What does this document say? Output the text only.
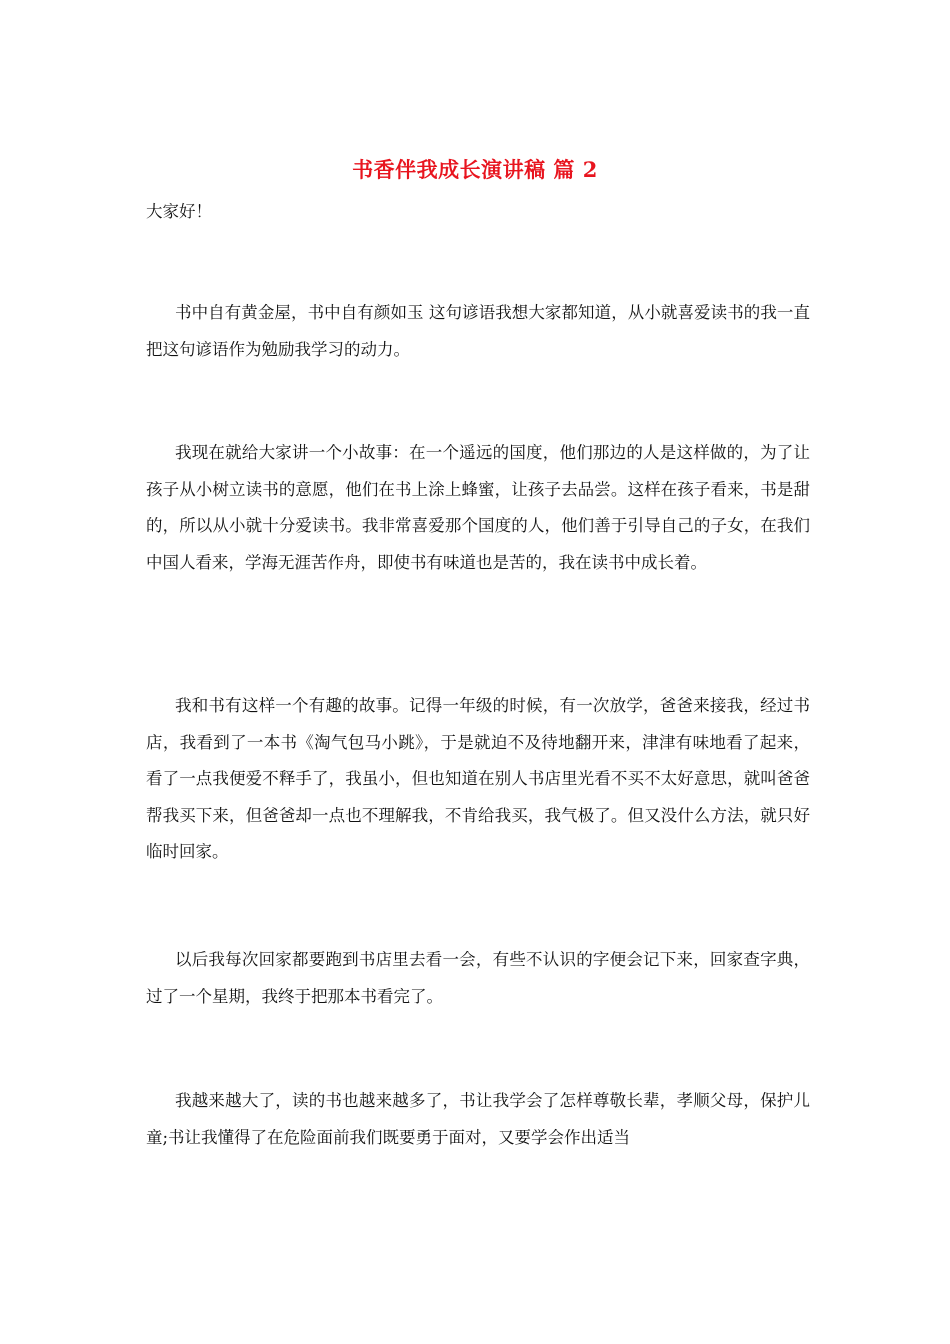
书香伴我成长演讲稿 篇 2
大家好！

书中自有黄金屋，书中自有颜如玉 这句谚语我想大家都知道，从小就喜爱读书的我一直把这句谚语作为勉励我学习的动力。

我现在就给大家讲一个小故事：在一个遥远的国度，他们那边的人是这样做的，为了让孩子从小树立读书的意愿，他们在书上涂上蜂蜜，让孩子去品尝。这样在孩子看来，书是甜的，所以从小就十分爱读书。我非常喜爱那个国度的人，他们善于引导自己的子女，在我们中国人看来，学海无涯苦作舟，即使书有味道也是苦的，我在读书中成长着。

我和书有这样一个有趣的故事。记得一年级的时候，有一次放学，爸爸来接我，经过书店，我看到了一本书《淘气包马小跳》，于是就迫不及待地翻开来，津津有味地看了起来，看了一点我便爱不释手了，我虽小，但也知道在别人书店里光看不买不太好意思，就叫爸爸帮我买下来，但爸爸却一点也不理解我，不肯给我买，我气极了。但又没什么方法，就只好临时回家。

以后我每次回家都要跑到书店里去看一会，有些不认识的字便会记下来，回家查字典，过了一个星期，我终于把那本书看完了。

我越来越大了，读的书也越来越多了，书让我学会了怎样尊敬长辈，孝顺父母，保护儿童;书让我懂得了在危险面前我们既要勇于面对，又要学会作出适当
